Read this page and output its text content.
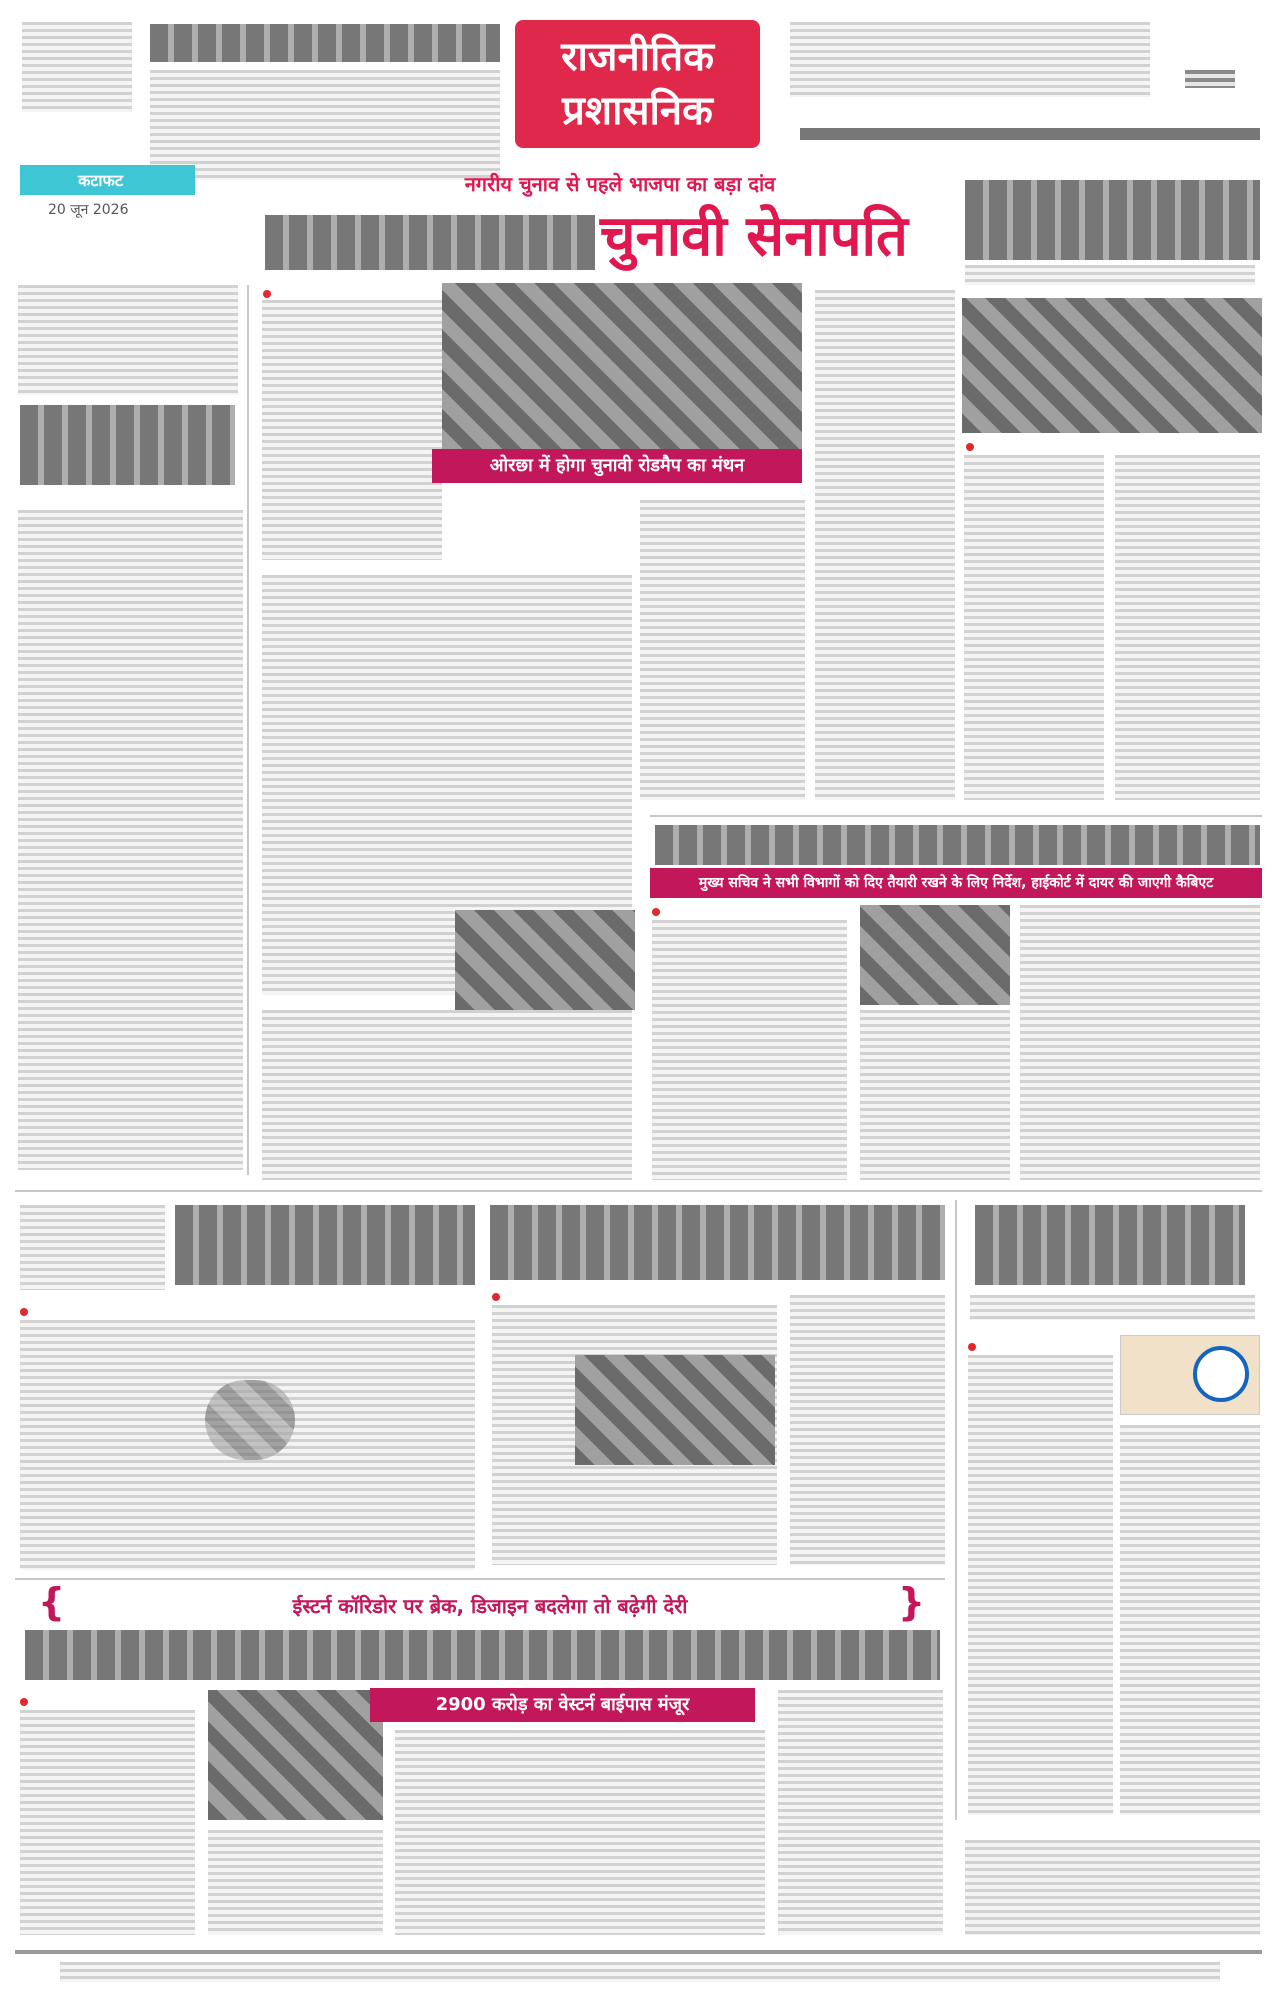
राजनीतिक
प्रशासनिक
कटाफट
20 जून 2026
नगरीय चुनाव से पहले भाजपा का बड़ा दांव
चुनावी सेनापति
ओरछा में होगा चुनावी रोडमैप का मंथन
मुख्य सचिव ने सभी विभागों को दिए तैयारी रखने के लिए निर्देश, हाईकोर्ट में दायर की जाएगी कैबिएट
{	ईस्टर्न कॉरिडोर पर ब्रेक, डिजाइन बदलेगा तो बढ़ेगी देरी	}
2900 करोड़ का वेस्टर्न बाईपास मंजूर
